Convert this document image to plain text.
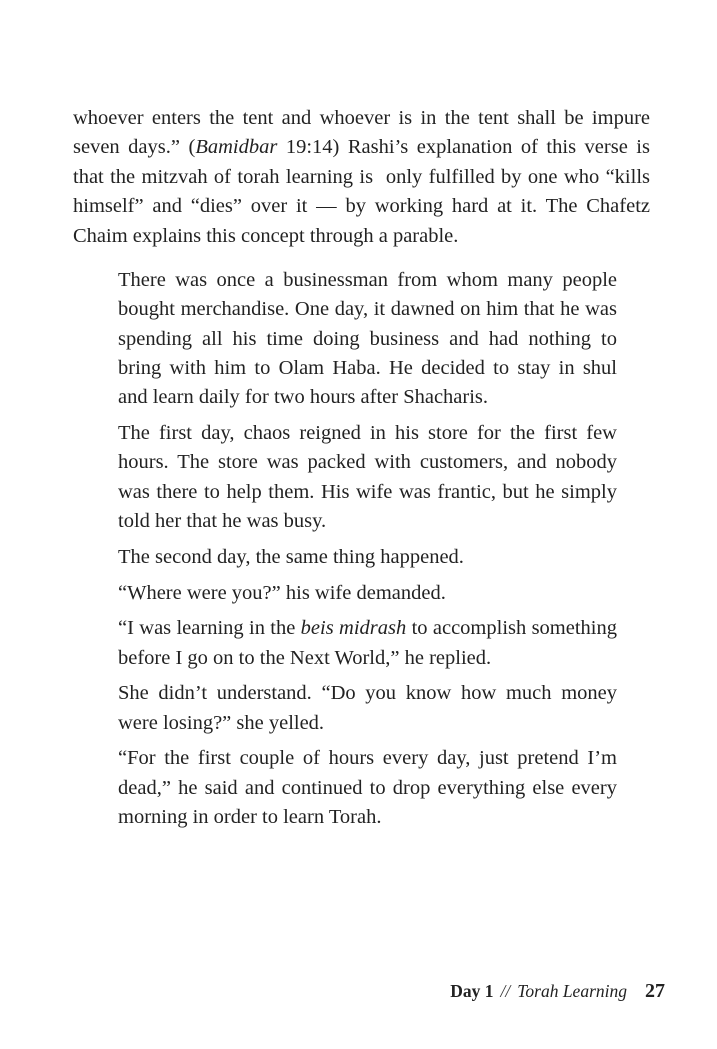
whoever enters the tent and whoever is in the tent shall be impure seven days.” (Bamidbar 19:14) Rashi’s explanation of this verse is that the mitzvah of torah learning is  only fulfilled by one who “kills himself” and “dies” over it — by working hard at it. The Chafetz Chaim explains this concept through a parable.

There was once a businessman from whom many people bought merchandise. One day, it dawned on him that he was spending all his time doing business and had nothing to bring with him to Olam Haba. He decided to stay in shul and learn daily for two hours after Shacharis.

The first day, chaos reigned in his store for the first few hours. The store was packed with customers, and nobody was there to help them. His wife was frantic, but he simply told her that he was busy.

The second day, the same thing happened.

“Where were you?” his wife demanded.

“I was learning in the beis midrash to accomplish something before I go on to the Next World,” he replied.

She didn’t understand. “Do you know how much money were losing?” she yelled.

“For the first couple of hours every day, just pretend I’m dead,” he said and continued to drop everything else every morning in order to learn Torah.

Day 1 // Torah Learning 27
